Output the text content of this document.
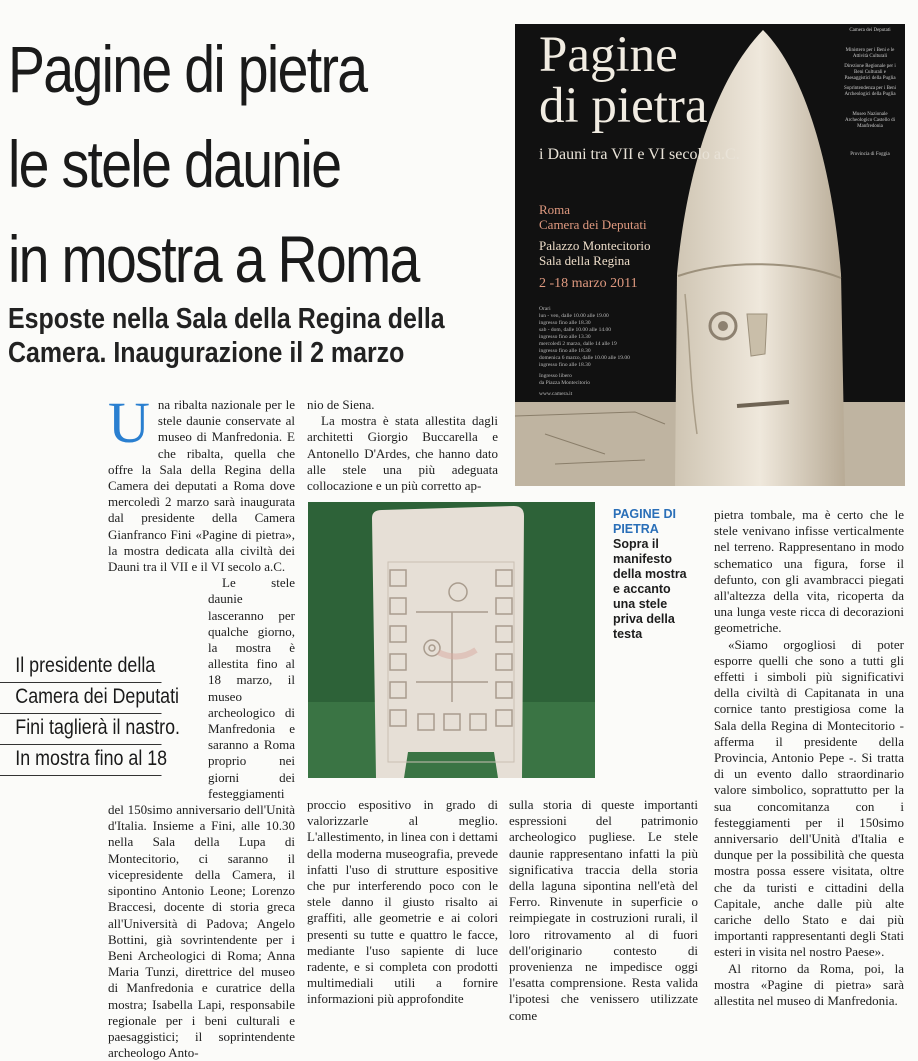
Pagine di pietra
le stele daunie
in mostra a Roma
Esposte nella Sala della Regina della
Camera. Inaugurazione il 2 marzo
Pagine
di pietra
i Dauni tra VII e VI secolo a.C.
Roma
Camera dei Deputati
Palazzo Montecitorio
Sala della Regina
2 -18 marzo 2011
Orari
lun - ven, dalle 10.00 alle 19.00
ingresso fino alle 18.30
sab - dom, dalle 10.00 alle 14.00
ingresso fino alle 13.30
mercoledì 2 marzo, dalle 14 alle 19
ingresso fino alle 18.30
domenica 6 marzo, dalle 10.00 alle 19.00
ingresso fino alle 18.30
Ingresso libero
da Piazza Montecitorio
www.camera.it
Camera dei Deputati
Ministero per i Beni e le Attività Culturali
Direzione Regionale per i Beni Culturali e Paesaggistici della Puglia
Soprintendenza per i Beni Archeologici della Puglia
Museo Nazionale Archeologico Castello di Manfredonia
Provincia di Foggia
PAGINE DI
PIETRA
Sopra il
manifesto
della mostra
e accanto
una stele
priva della
testa
Il presidente della
Camera dei Deputati
Fini taglierà il nastro.
In mostra fino al 18
U na ribalta nazionale per le stele daunie conservate al museo di Manfredonia. E che ribalta, quella che offre la Sala della Regina della Camera dei deputati a Roma dove mercoledì 2 marzo sarà inaugurata dal presidente della Camera Gianfranco Fini «Pagine di pietra», la mostra dedicata alla civiltà dei Dauni tra il VII e il VI secolo a.C.

Le stele daunie lasceranno per qualche giorno, la mostra è allestita fino al 18 marzo, il museo archeologico di Manfredonia e saranno a Roma proprio nei giorni dei festeggiamenti del 150simo anniversario dell'Unità d'Italia. Insieme a Fini, alle 10.30 nella Sala della Lupa di Montecitorio, ci saranno il vicepresidente della Camera, il sipontino Antonio Leone; Lorenzo Braccesi, docente di storia greca all'Università di Padova; Angelo Bottini, già sovrintendente per i Beni Archeologici di Roma; Anna Maria Tunzi, direttrice del museo di Manfredonia e curatrice della mostra; Isabella Lapi, responsabile regionale per i beni culturali e paesaggistici; il soprintendente archeologo Anto-

nio de Siena.

La mostra è stata allestita dagli architetti Giorgio Buccarella e Antonello D'Ardes, che hanno dato alle stele una più adeguata collocazione e un più corretto ap-

proccio espositivo in grado di valorizzarle al meglio. L'allestimento, in linea con i dettami della moderna museografia, prevede infatti l'uso di strutture espositive che pur interferendo poco con le stele danno il giusto risalto ai graffiti, alle geometrie e ai colori presenti su tutte e quattro le facce, mediante l'uso sapiente di luce radente, e si completa con prodotti multimediali utili a fornire informazioni più approfondite

sulla storia di queste importanti espressioni del patrimonio archeologico pugliese. Le stele daunie rappresentano infatti la più significativa traccia della storia della laguna sipontina nell'età del Ferro. Rinvenute in superficie o reimpiegate in costruzioni rurali, il loro ritrovamento al di fuori dell'originario contesto di provenienza ne impedisce oggi l'esatta comprensione. Resta valida l'ipotesi che venissero utilizzate come

pietra tombale, ma è certo che le stele venivano infisse verticalmente nel terreno. Rappresentano in modo schematico una figura, forse il defunto, con gli avambracci piegati all'altezza della vita, ricoperta da una lunga veste ricca di decorazioni geometriche.

«Siamo orgogliosi di poter esporre quelli che sono a tutti gli effetti i simboli più significativi della civiltà di Capitanata in una cornice tanto prestigiosa come la Sala della Regina di Montecitorio - afferma il presidente della Provincia, Antonio Pepe -. Si tratta di un evento dallo straordinario valore simbolico, soprattutto per la sua concomitanza con i festeggiamenti per il 150simo anniversario dell'Unità d'Italia e dunque per la possibilità che questa mostra possa essere visitata, oltre che da turisti e cittadini della Capitale, anche dalle più alte cariche dello Stato e dai più importanti rappresentanti degli Stati esteri in visita nel nostro Paese».

Al ritorno da Roma, poi, la mostra «Pagine di pietra» sarà allestita nel museo di Manfredonia.
